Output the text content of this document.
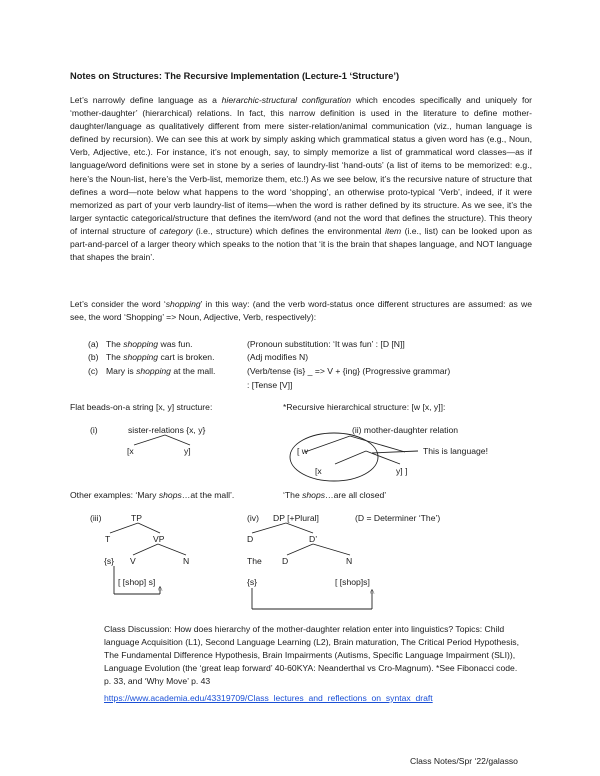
Notes on Structures: The Recursive Implementation (Lecture-1 ‘Structure’)

Let’s narrowly define language as a hierarchic-structural configuration which encodes specifically and uniquely for ‘mother-daughter’ (hierarchical) relations. In fact, this narrow definition is used in the literature to define mother-daughter/language as qualitatively different from mere sister-relation/animal communication (viz., human language is defined by recursion). We can see this at work by simply asking which grammatical status a given word has (e.g., Noun, Verb, Adjective, etc.). For instance, it’s not enough, say, to simply memorize a list of grammatical word classes—as if language/word definitions were set in stone by a series of laundry-list ‘hand-outs’ (a list of items to be memorized: e.g., here’s the Noun-list, here’s the Verb-list, memorize them, etc.!) As we see below, it’s the recursive nature of structure that defines a word—note below what happens to the word ‘shopping’, an otherwise proto-typical ‘Verb’, indeed, if it were memorized as part of your verb laundry-list of items—when the word is rather defined by its structure. As we see, it’s the larger syntactic categorical/structure that defines the item/word (and not the word that defines the structure). This theory of internal structure of category (i.e., structure) which defines the environmental item (i.e., list) can be looked upon as part-and-parcel of a larger theory which speaks to the notion that ‘it is the brain that shapes language, and NOT language that shapes the brain’.

Let’s consider the word ‘shopping’ in this way: (and the verb word-status once different structures are assumed: as we see, the word ‘Shopping’ => Noun, Adjective, Verb, respectively):

(a) The shopping was fun.	(Pronoun substitution: ‘It was fun’ : [D [N]]
(b) The shopping cart is broken.	(Adj modifies N)
(c) Mary is shopping at the mall.	(Verb/tense {is} _ => V + {ing} (Progressive grammar)
: [Tense [V]]
Flat beads-on-a string [x, y] structure:	*Recursive hierarchical structure: [w [x, y]]:
(i)	sister-relations {x, y}
[x	y]
(ii) mother-daughter relation
[ w
[x	y] ]
This is language!
Other examples: ‘Mary shops…at the mall’.	‘The shops…are all closed’
(iii)	TP
T	VP
{s} V	N
[ [shop] s]
(iv) DP [+Plural]	(D = Determiner ‘The’)
D	D’
The D	N
{s}	[ [shop]s]

Class Discussion: How does hierarchy of the mother-daughter relation enter into linguistics? Topics: Child language Acquisition (L1), Second Language Learning (L2), Brain maturation, The Critical Period Hypothesis, The Fundamental Difference Hypothesis, Brain Impairments (Autisms, Specific Language Impairment (SLI)), Language Evolution (the ‘great leap forward’ 40-60KYA: Neanderthal vs Cro-Magnum). *See Fibonacci code. p. 33, and ‘Why Move’ p. 43

https://www.academia.edu/43319709/Class_lectures_and_reflections_on_syntax_draft
Class Notes/Spr ‘22/galasso
